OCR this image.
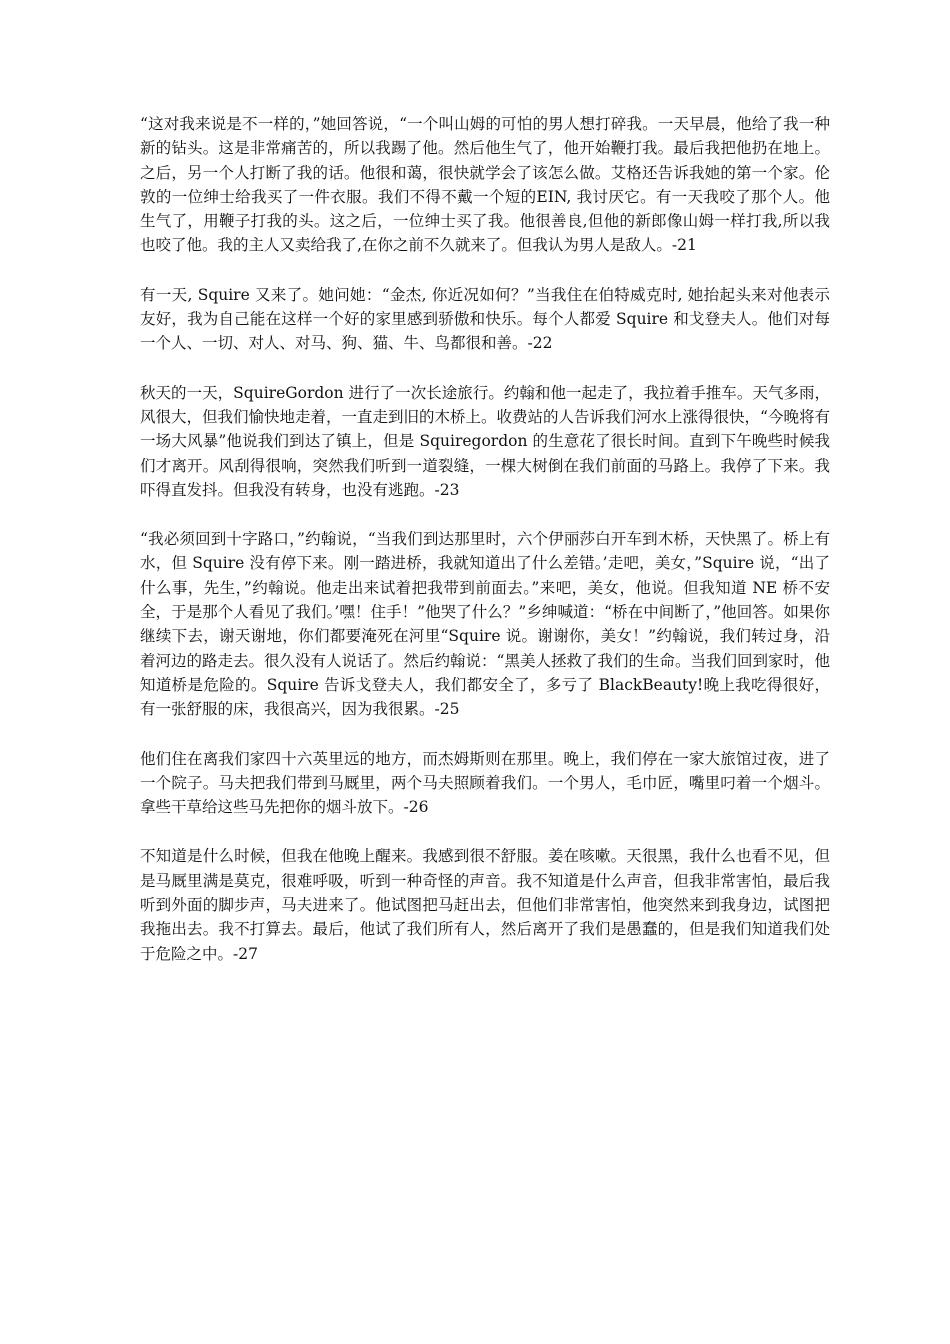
“这对我来说是不一样的，”她回答说，“一个叫山姆的可怕的男人想打碎我。一天早晨，他给了我一种新的钻头。这是非常痛苦的，所以我踢了他。然后他生气了，他开始鞭打我。最后我把他扔在地上。之后，另一个人打断了我的话。他很和蔼，很快就学会了该怎么做。艾格还告诉我她的第一个家。伦敦的一位绅士给我买了一件衣服。我们不得不戴一个短的EIN, 我讨厌它。有一天我咬了那个人。他生气了，用鞭子打我的头。这之后，一位绅士买了我。他很善良,但他的新郎像山姆一样打我,所以我也咬了他。我的主人又卖给我了,在你之前不久就来了。但我认为男人是敌人。-21

有一天, Squire 又来了。她问她：“金杰, 你近况如何？”当我住在伯特威克时, 她抬起头来对他表示友好，我为自己能在这样一个好的家里感到骄傲和快乐。每个人都爱 Squire 和戈登夫人。他们对每一个人、一切、对人、对马、狗、猫、牛、鸟都很和善。-22

秋天的一天，SquireGordon 进行了一次长途旅行。约翰和他一起走了，我拉着手推车。天气多雨，风很大，但我们愉快地走着，一直走到旧的木桥上。收费站的人告诉我们河水上涨得很快，“今晚将有一场大风暴”他说我们到达了镇上，但是 Squiregordon 的生意花了很长时间。直到下午晚些时候我们才离开。风刮得很响，突然我们听到一道裂缝，一棵大树倒在我们前面的马路上。我停了下来。我吓得直发抖。但我没有转身，也没有逃跑。-23

“我必须回到十字路口，”约翰说，“当我们到达那里时，六个伊丽莎白开车到木桥，天快黑了。桥上有水，但 Squire 没有停下来。刚一踏进桥，我就知道出了什么差错。’走吧，美女，”Squire 说，“出了什么事，先生，”约翰说。他走出来试着把我带到前面去。”来吧，美女，他说。但我知道 NE 桥不安全，于是那个人看见了我们。’嘿！住手！”他哭了什么？”乡绅喊道：“桥在中间断了，”他回答。如果你继续下去，谢天谢地，你们都要淹死在河里“Squire 说。谢谢你，美女！”约翰说，我们转过身，沿着河边的路走去。很久没有人说话了。然后约翰说：“黑美人拯救了我们的生命。当我们回到家时，他知道桥是危险的。Squire 告诉戈登夫人，我们都安全了，多亏了 BlackBeauty!晚上我吃得很好，有一张舒服的床，我很高兴，因为我很累。-25

他们住在离我们家四十六英里远的地方，而杰姆斯则在那里。晚上，我们停在一家大旅馆过夜，进了一个院子。马夫把我们带到马厩里，两个马夫照顾着我们。一个男人，毛巾匠，嘴里叼着一个烟斗。拿些干草给这些马先把你的烟斗放下。-26

不知道是什么时候，但我在他晚上醒来。我感到很不舒服。姜在咳嗽。天很黑，我什么也看不见，但是马厩里满是莫克，很难呼吸，听到一种奇怪的声音。我不知道是什么声音，但我非常害怕，最后我听到外面的脚步声，马夫进来了。他试图把马赶出去，但他们非常害怕，他突然来到我身边，试图把我拖出去。我不打算去。最后，他试了我们所有人，然后离开了我们是愚蠢的，但是我们知道我们处于危险之中。-27
